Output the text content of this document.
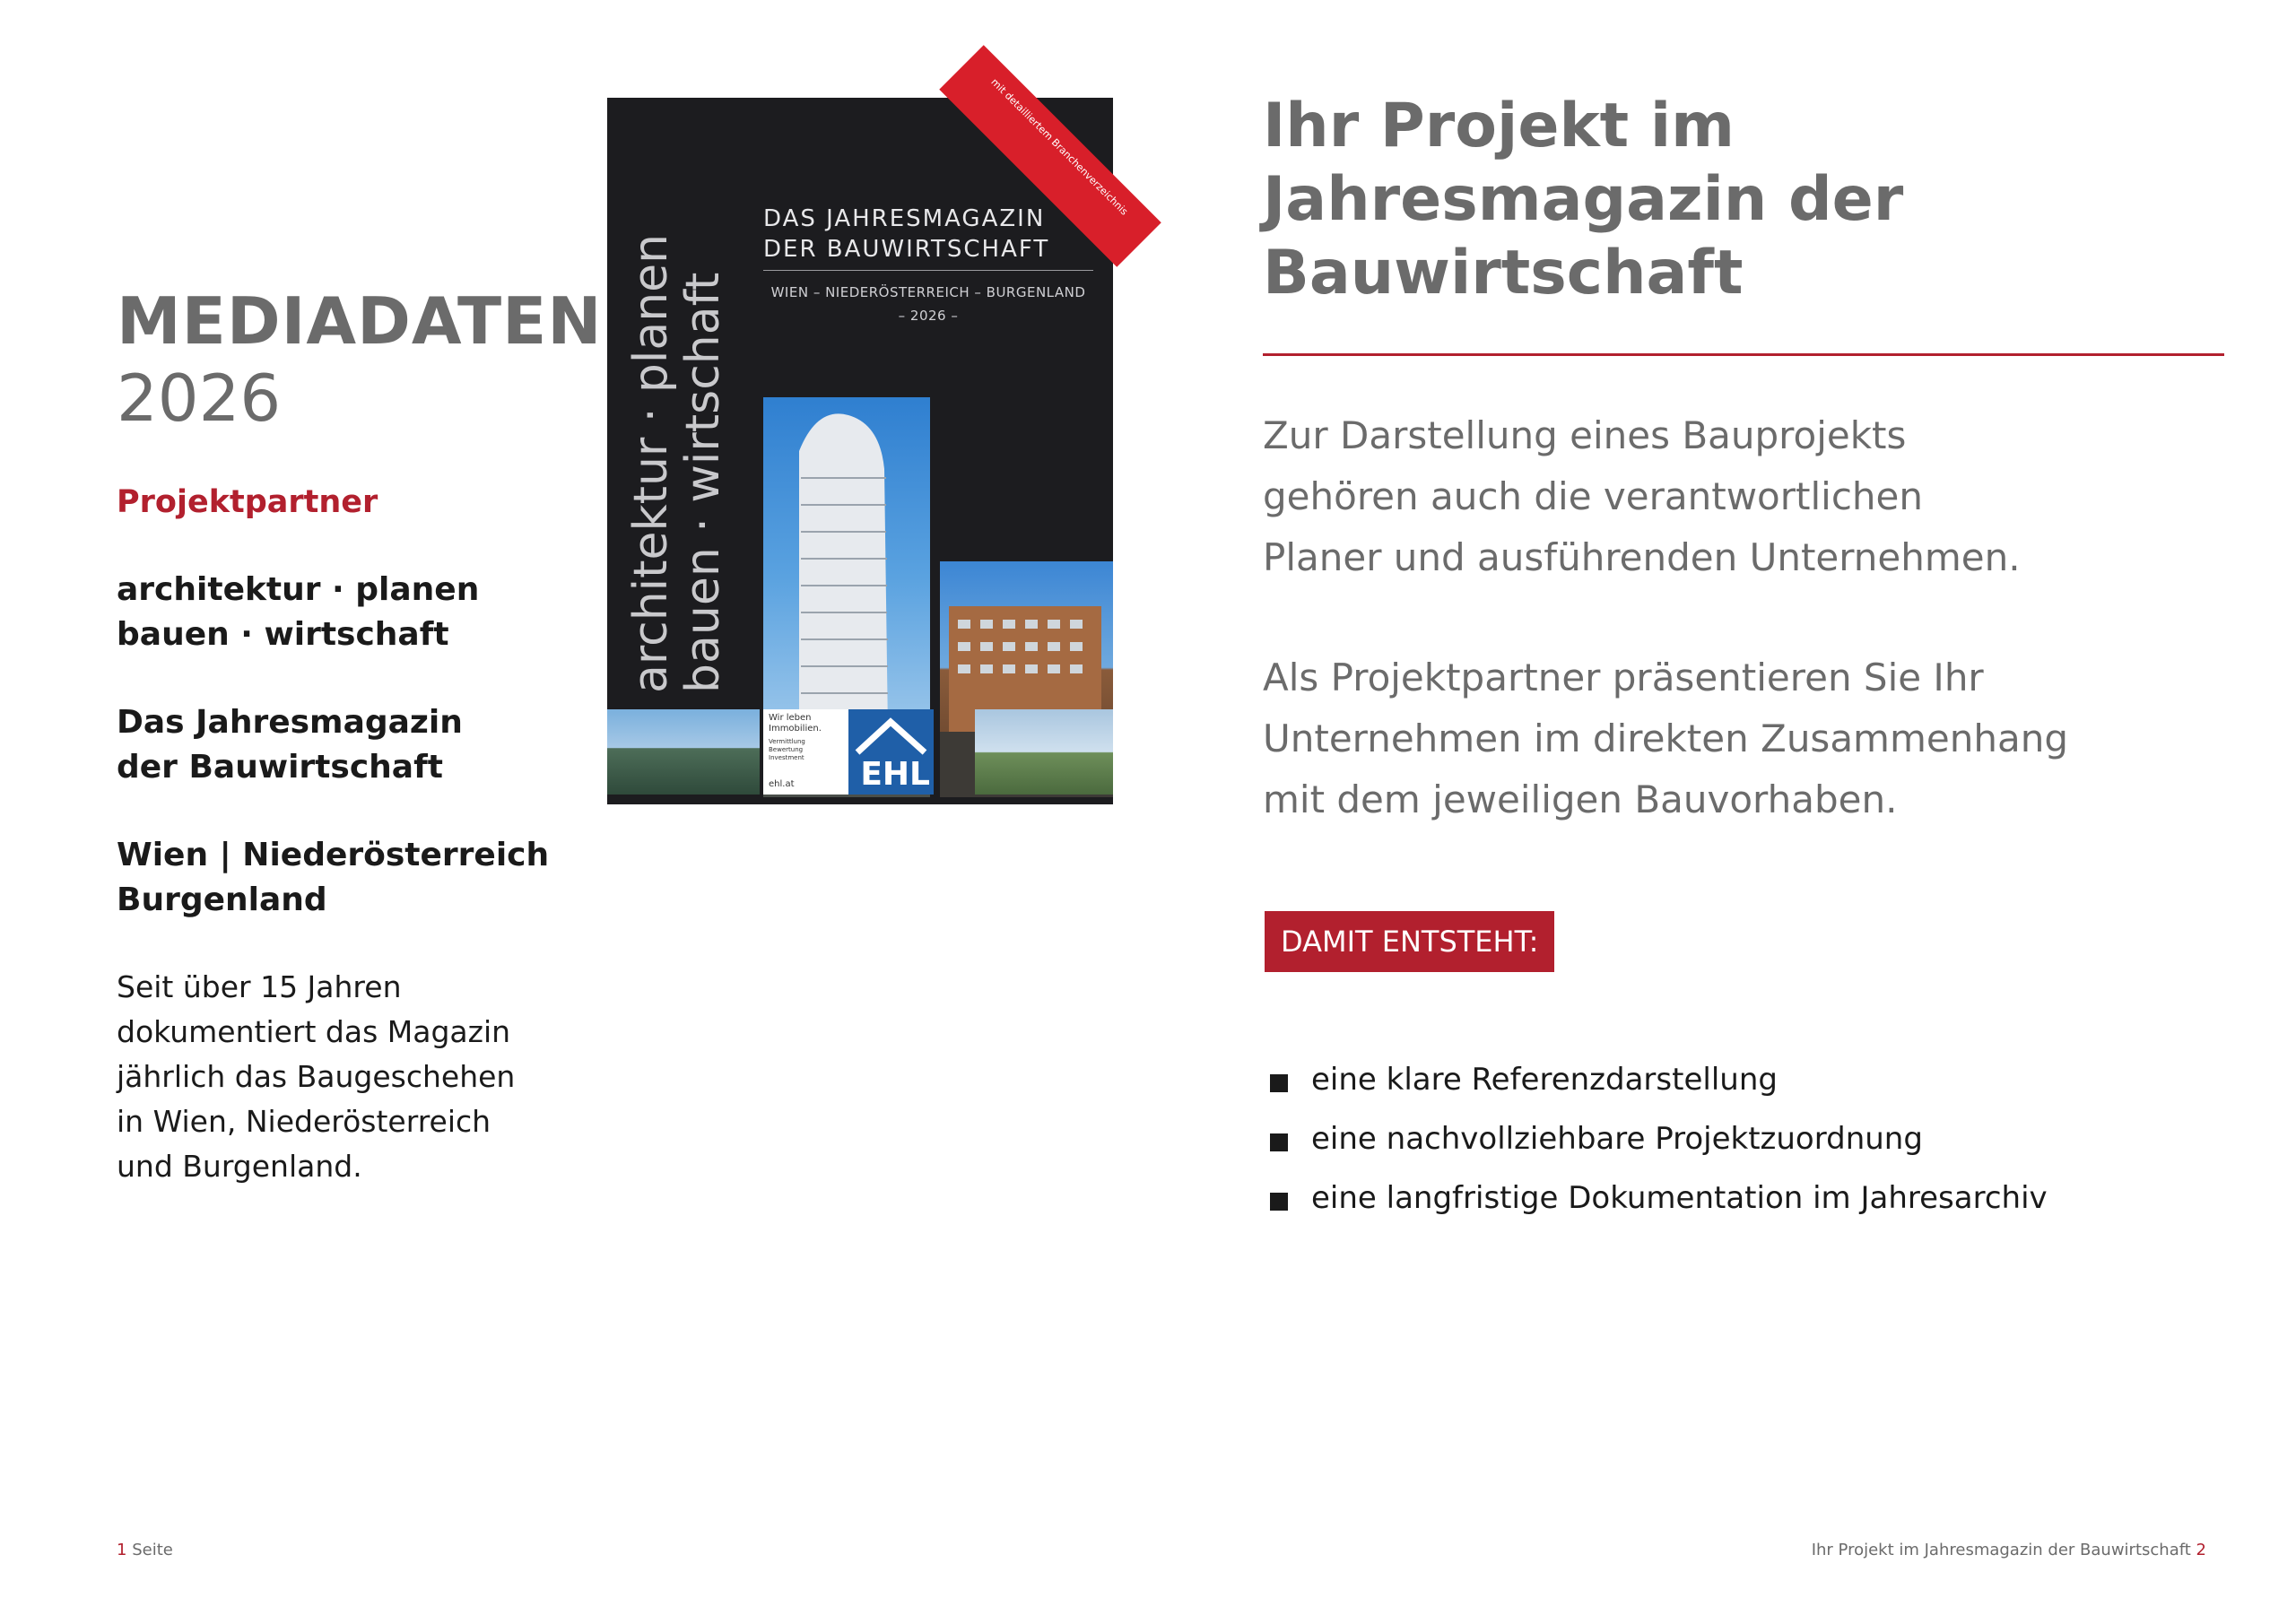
MEDIADATEN
2026
Projektpartner
architektur · planen
bauen · wirtschaft
Das Jahresmagazin
der Bauwirtschaft
Wien | Niederösterreich
Burgenland
Seit über 15 Jahren
dokumentiert das Magazin
jährlich das Baugeschehen
in Wien, Niederösterreich
und Burgenland.
mit detailliertem Branchenverzeichnis
architektur · planen
bauen · wirtschaft
DAS JAHRESMAGAZIN
DER BAUWIRTSCHAFT
WIEN – NIEDERÖSTERREICH – BURGENLAND
– 2026 –
Wir leben
Immobilien.
Vermittlung
Bewertung
Investment
ehl.at EHL
Ihr Projekt im
Jahresmagazin der
Bauwirtschaft
Zur Darstellung eines Bauprojekts
gehören auch die verantwortlichen
Planer und ausführenden Unternehmen.
Als Projektpartner präsentieren Sie Ihr
Unternehmen im direkten Zusammenhang
mit dem jeweiligen Bauvorhaben.
DAMIT ENTSTEHT:
eine klare Referenzdarstellung
eine nachvollziehbare Projektzuordnung
eine langfristige Dokumentation im Jahresarchiv
1 Seite	Ihr Projekt im Jahresmagazin der Bauwirtschaft 2
